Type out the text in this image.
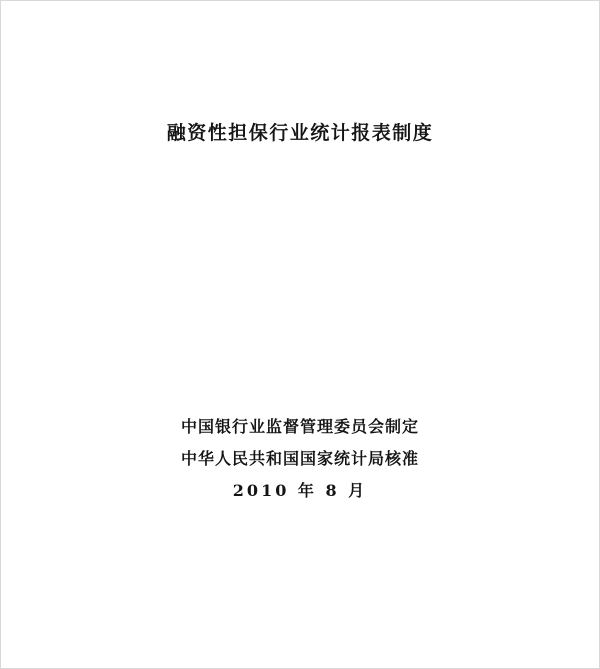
融资性担保行业统计报表制度
中国银行业监督管理委员会制定
中华人民共和国国家统计局核准
2010 年 8 月
